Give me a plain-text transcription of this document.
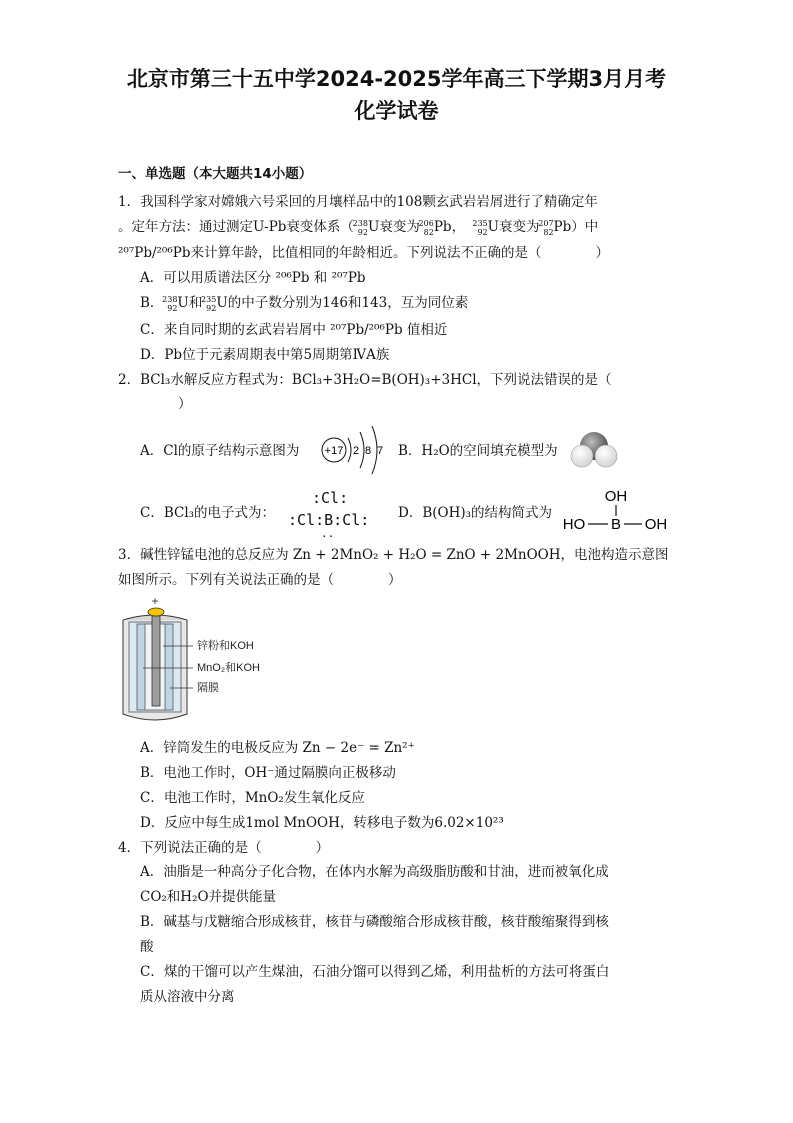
北京市第三十五中学2024-2025学年高三下学期3月月考
化学试卷
一、单选题（本大题共14小题）
1．我国科学家对嫦娥六号采回的月壤样品中的108颗玄武岩岩屑进行了精确定年
。定年方法：通过测定U-Pb衰变体系（
238
92 U衰变为
206
82 Pb， 235
92 U衰变为
207
82 Pb）中
²⁰⁷Pb/²⁰⁶Pb来计算年龄，比值相同的年龄相近。下列说法不正确的是（　　　　）
A．可以用质谱法区分 ²⁰⁶Pb 和 ²⁰⁷Pb
B．
238
92 U和
235
92 U的中子数分别为146和143，互为同位素
C．来自同时期的玄武岩岩屑中 ²⁰⁷Pb/²⁰⁶Pb 值相近
D．Pb位于元素周期表中第5周期第ⅣA族
2．BCl₃水解反应方程式为：BCl₃+3H₂O=B(OH)₃+3HCl，下列说法错误的是（
）
A．Cl的原子结构示意图为 +17 2 8 7 B．H₂O的空间填充模型为
C．BCl₃的电子式为：
:Cl:
:Cl:B:Cl:
··
D．B(OH)₃的结构简式为
OH
HO B OH
3．碱性锌锰电池的总反应为 Zn + 2MnO₂ + H₂O = ZnO + 2MnOOH，电池构造示意图
如图所示。下列有关说法正确的是（　　　　）
+
锌粉和KOH
MnO₂和KOH
隔膜
A．锌筒发生的电极反应为 Zn − 2e⁻ = Zn²⁺
B．电池工作时，OH⁻通过隔膜向正极移动
C．电池工作时，MnO₂发生氧化反应
D．反应中每生成1mol MnOOH，转移电子数为6.02×10²³
4．下列说法正确的是（　　　　）
A．油脂是一种高分子化合物，在体内水解为高级脂肪酸和甘油，进而被氧化成
CO₂和H₂O并提供能量
B．碱基与戊糖缩合形成核苷，核苷与磷酸缩合形成核苷酸，核苷酸缩聚得到核
酸
C．煤的干馏可以产生煤油，石油分馏可以得到乙烯，利用盐析的方法可将蛋白
质从溶液中分离
